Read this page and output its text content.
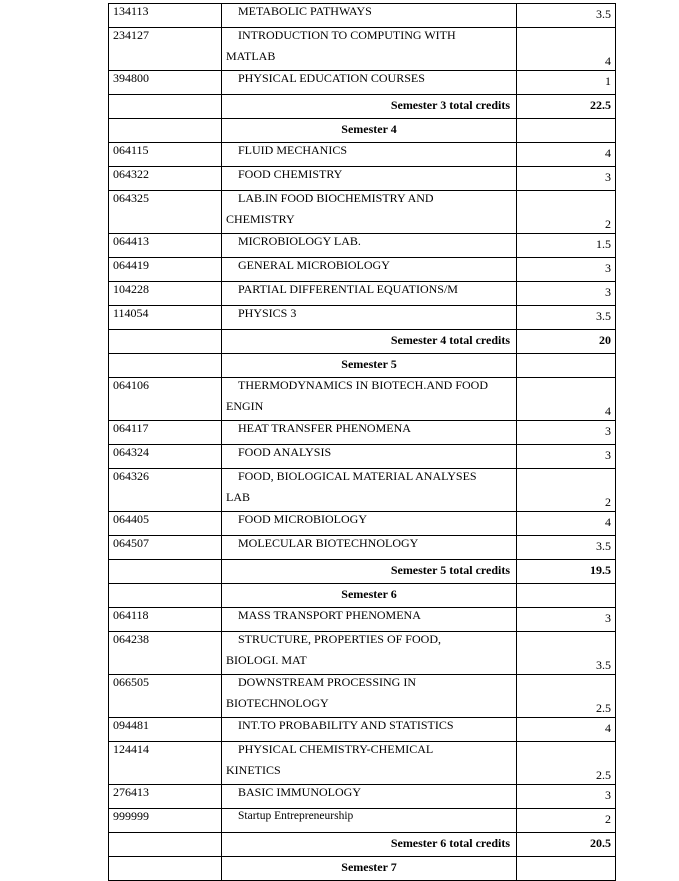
134113	METABOLIC PATHWAYS	3.5
234127	INTRODUCTION TO COMPUTING WITH
MATLAB	4
394800	PHYSICAL EDUCATION COURSES	1
	Semester 3 total credits	22.5
	Semester 4	
064115	FLUID MECHANICS	4
064322	FOOD CHEMISTRY	3
064325	LAB.IN FOOD BIOCHEMISTRY AND
CHEMISTRY	2
064413	MICROBIOLOGY LAB.	1.5
064419	GENERAL MICROBIOLOGY	3
104228	PARTIAL DIFFERENTIAL EQUATIONS/M	3
114054	PHYSICS 3	3.5
	Semester 4 total credits	20
	Semester 5	
064106	THERMODYNAMICS IN BIOTECH.AND FOOD
ENGIN	4
064117	HEAT TRANSFER PHENOMENA	3
064324	FOOD ANALYSIS	3
064326	FOOD, BIOLOGICAL MATERIAL ANALYSES
LAB	2
064405	FOOD MICROBIOLOGY	4
064507	MOLECULAR BIOTECHNOLOGY	3.5
	Semester 5 total credits	19.5
	Semester 6	
064118	MASS TRANSPORT PHENOMENA	3
064238	STRUCTURE, PROPERTIES OF FOOD,
BIOLOGI. MAT	3.5
066505	DOWNSTREAM PROCESSING IN
BIOTECHNOLOGY	2.5
094481	INT.TO PROBABILITY AND STATISTICS	4
124414	PHYSICAL CHEMISTRY-CHEMICAL
KINETICS	2.5
276413	BASIC IMMUNOLOGY	3
999999	Startup Entrepreneurship	2
	Semester 6 total credits	20.5
	Semester 7	
